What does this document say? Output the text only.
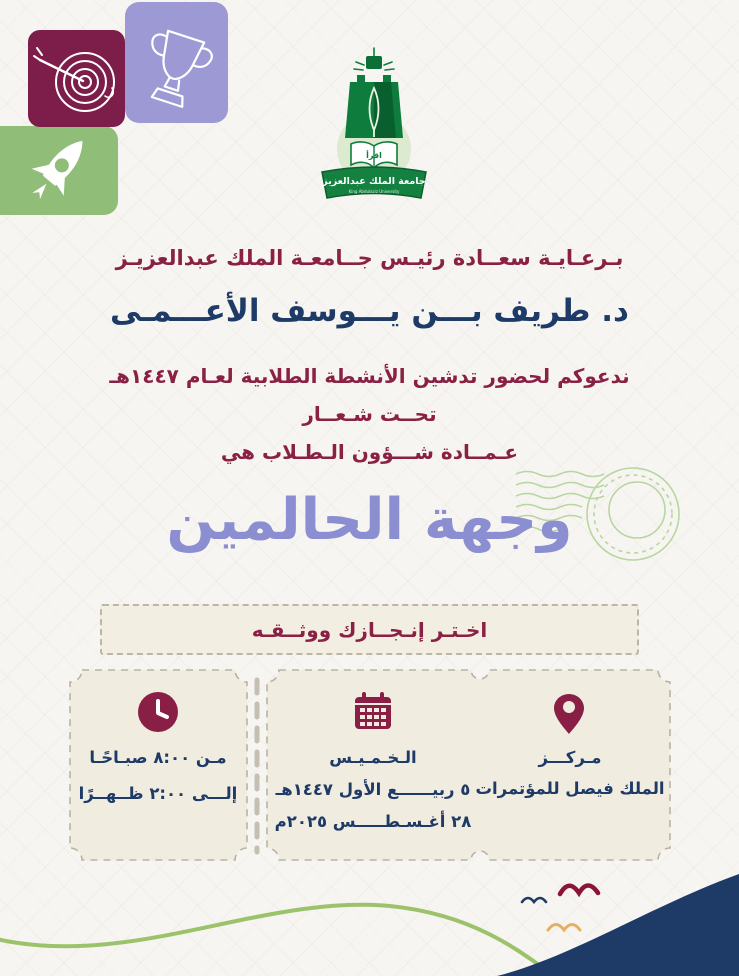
اقرأ
جامعة الملك عبدالعزيز
King Abdulaziz University
بـرعـايـة سعــادة رئيـس جــامعـة الملك عبدالعزيـز
د. طريف بـــن يـــوسف الأعـــمـى
ندعوكم لحضور تدشين الأنشطة الطلابية لعـام ١٤٤٧هـ
تحــت شـعــار
عـمــادة شـــؤون الـطـلاب هي
وجهة الحالمين
اخـتـر إنـجــازك ووثــقـه
مـركـــز
الملك فيصل للمؤتمرات
الـخـمـيـس
٥ ربيــــــع الأول ١٤٤٧هـ
٢٨ أغـسـطـــــس ٢٠٢٥م
مـن ٨:٠٠ صبـاحًـا
إلـــى ٢:٠٠ ظــهــرًا
